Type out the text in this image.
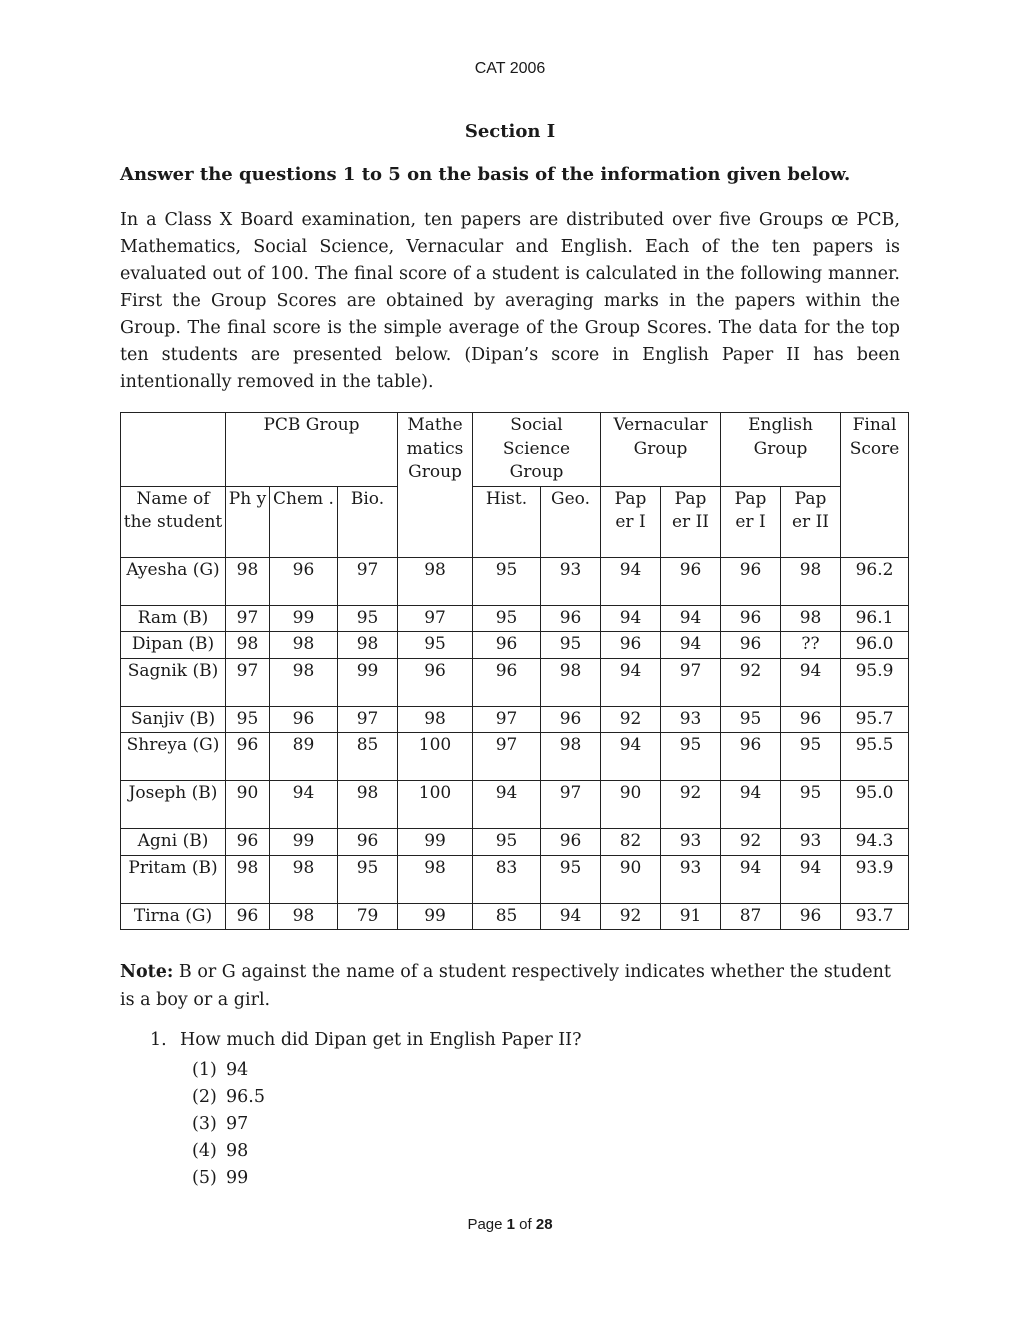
CAT 2006
Section I
Answer the questions 1 to 5 on the basis of the information given below.
In a Class X Board examination, ten papers are distributed over five Groups œ PCB, Mathematics, Social Science, Vernacular and English. Each of the ten papers is evaluated out of 100. The final score of a student is calculated in the following manner. First the Group Scores are obtained by averaging marks in the papers within the Group. The final score is the simple average of the Group Scores. The data for the top ten students are presented below. (Dipan’s score in English Paper II has been intentionally removed in the table).
	PCB Group			Mathe matics Group	Social Science Group		Vernacular Group		English Group		Final Score
Name of the student	Ph y	Chem .	Bio.		Hist.	Geo.	Pap er I	Pap er II	Pap er I	Pap er II	
Ayesha (G)	98	96	97	98	95	93	94	96	96	98	96.2
Ram (B)	97	99	95	97	95	96	94	94	96	98	96.1
Dipan (B)	98	98	98	95	96	95	96	94	96	??	96.0
Sagnik (B)	97	98	99	96	96	98	94	97	92	94	95.9
Sanjiv (B)	95	96	97	98	97	96	92	93	95	96	95.7
Shreya (G)	96	89	85	100	97	98	94	95	96	95	95.5
Joseph (B)	90	94	98	100	94	97	90	92	94	95	95.0
Agni (B)	96	99	96	99	95	96	82	93	92	93	94.3
Pritam (B)	98	98	95	98	83	95	90	93	94	94	93.9
Tirna (G)	96	98	79	99	85	94	92	91	87	96	93.7
Note: B or G against the name of a student respectively indicates whether the student is a boy or a girl.
1. How much did Dipan get in English Paper II?
(1) 94
(2) 96.5
(3) 97
(4) 98
(5) 99
Page 1 of 28
